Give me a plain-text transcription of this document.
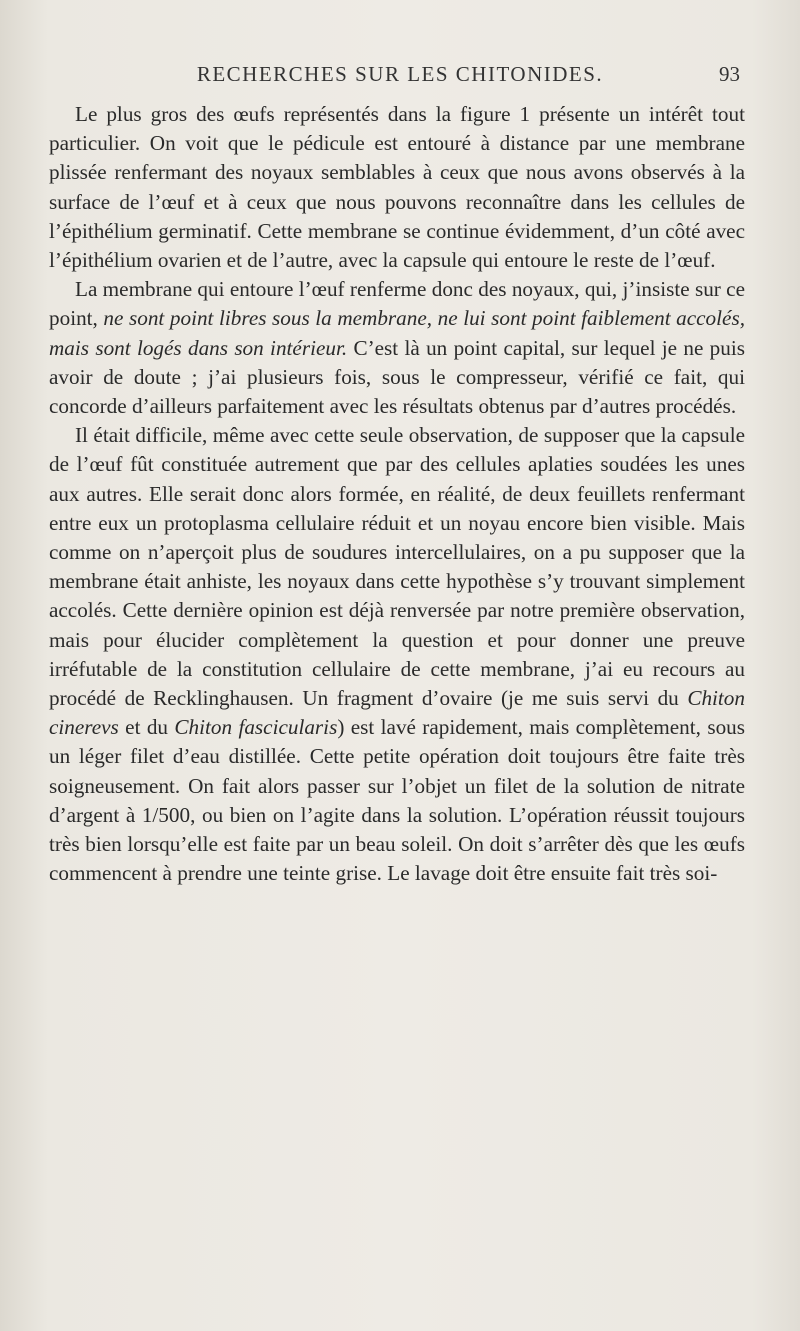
RECHERCHES SUR LES CHITONIDES.	93

Le plus gros des œufs représentés dans la figure 1 présente un intérêt tout particulier. On voit que le pédicule est entouré à distance par une membrane plissée renfermant des noyaux semblables à ceux que nous avons observés à la surface de l’œuf et à ceux que nous pouvons reconnaître dans les cellules de l’épithélium germinatif. Cette membrane se continue évidemment, d’un côté avec l’épithélium ovarien et de l’autre, avec la capsule qui entoure le reste de l’œuf.

La membrane qui entoure l’œuf renferme donc des noyaux, qui, j’insiste sur ce point, ne sont point libres sous la membrane, ne lui sont point faiblement accolés, mais sont logés dans son intérieur. C’est là un point capital, sur lequel je ne puis avoir de doute ; j’ai plusieurs fois, sous le compresseur, vérifié ce fait, qui concorde d’ailleurs parfaitement avec les résultats obtenus par d’autres procédés.

Il était difficile, même avec cette seule observation, de supposer que la capsule de l’œuf fût constituée autrement que par des cellules aplaties soudées les unes aux autres. Elle serait donc alors formée, en réalité, de deux feuillets renfermant entre eux un protoplasma cellulaire réduit et un noyau encore bien visible. Mais comme on n’aperçoit plus de soudures intercellulaires, on a pu supposer que la membrane était anhiste, les noyaux dans cette hypothèse s’y trouvant simplement accolés. Cette dernière opinion est déjà renversée par notre première observation, mais pour élucider complètement la question et pour donner une preuve irréfutable de la constitution cellulaire de cette membrane, j’ai eu recours au procédé de Recklinghausen. Un fragment d’ovaire (je me suis servi du Chiton cinerevs et du Chiton fascicularis) est lavé rapidement, mais complètement, sous un léger filet d’eau distillée. Cette petite opération doit toujours être faite très soigneusement. On fait alors passer sur l’objet un filet de la solution de nitrate d’argent à 1/500, ou bien on l’agite dans la solution. L’opération réussit toujours très bien lorsqu’elle est faite par un beau soleil. On doit s’arrêter dès que les œufs commencent à prendre une teinte grise. Le lavage doit être ensuite fait très soi-
